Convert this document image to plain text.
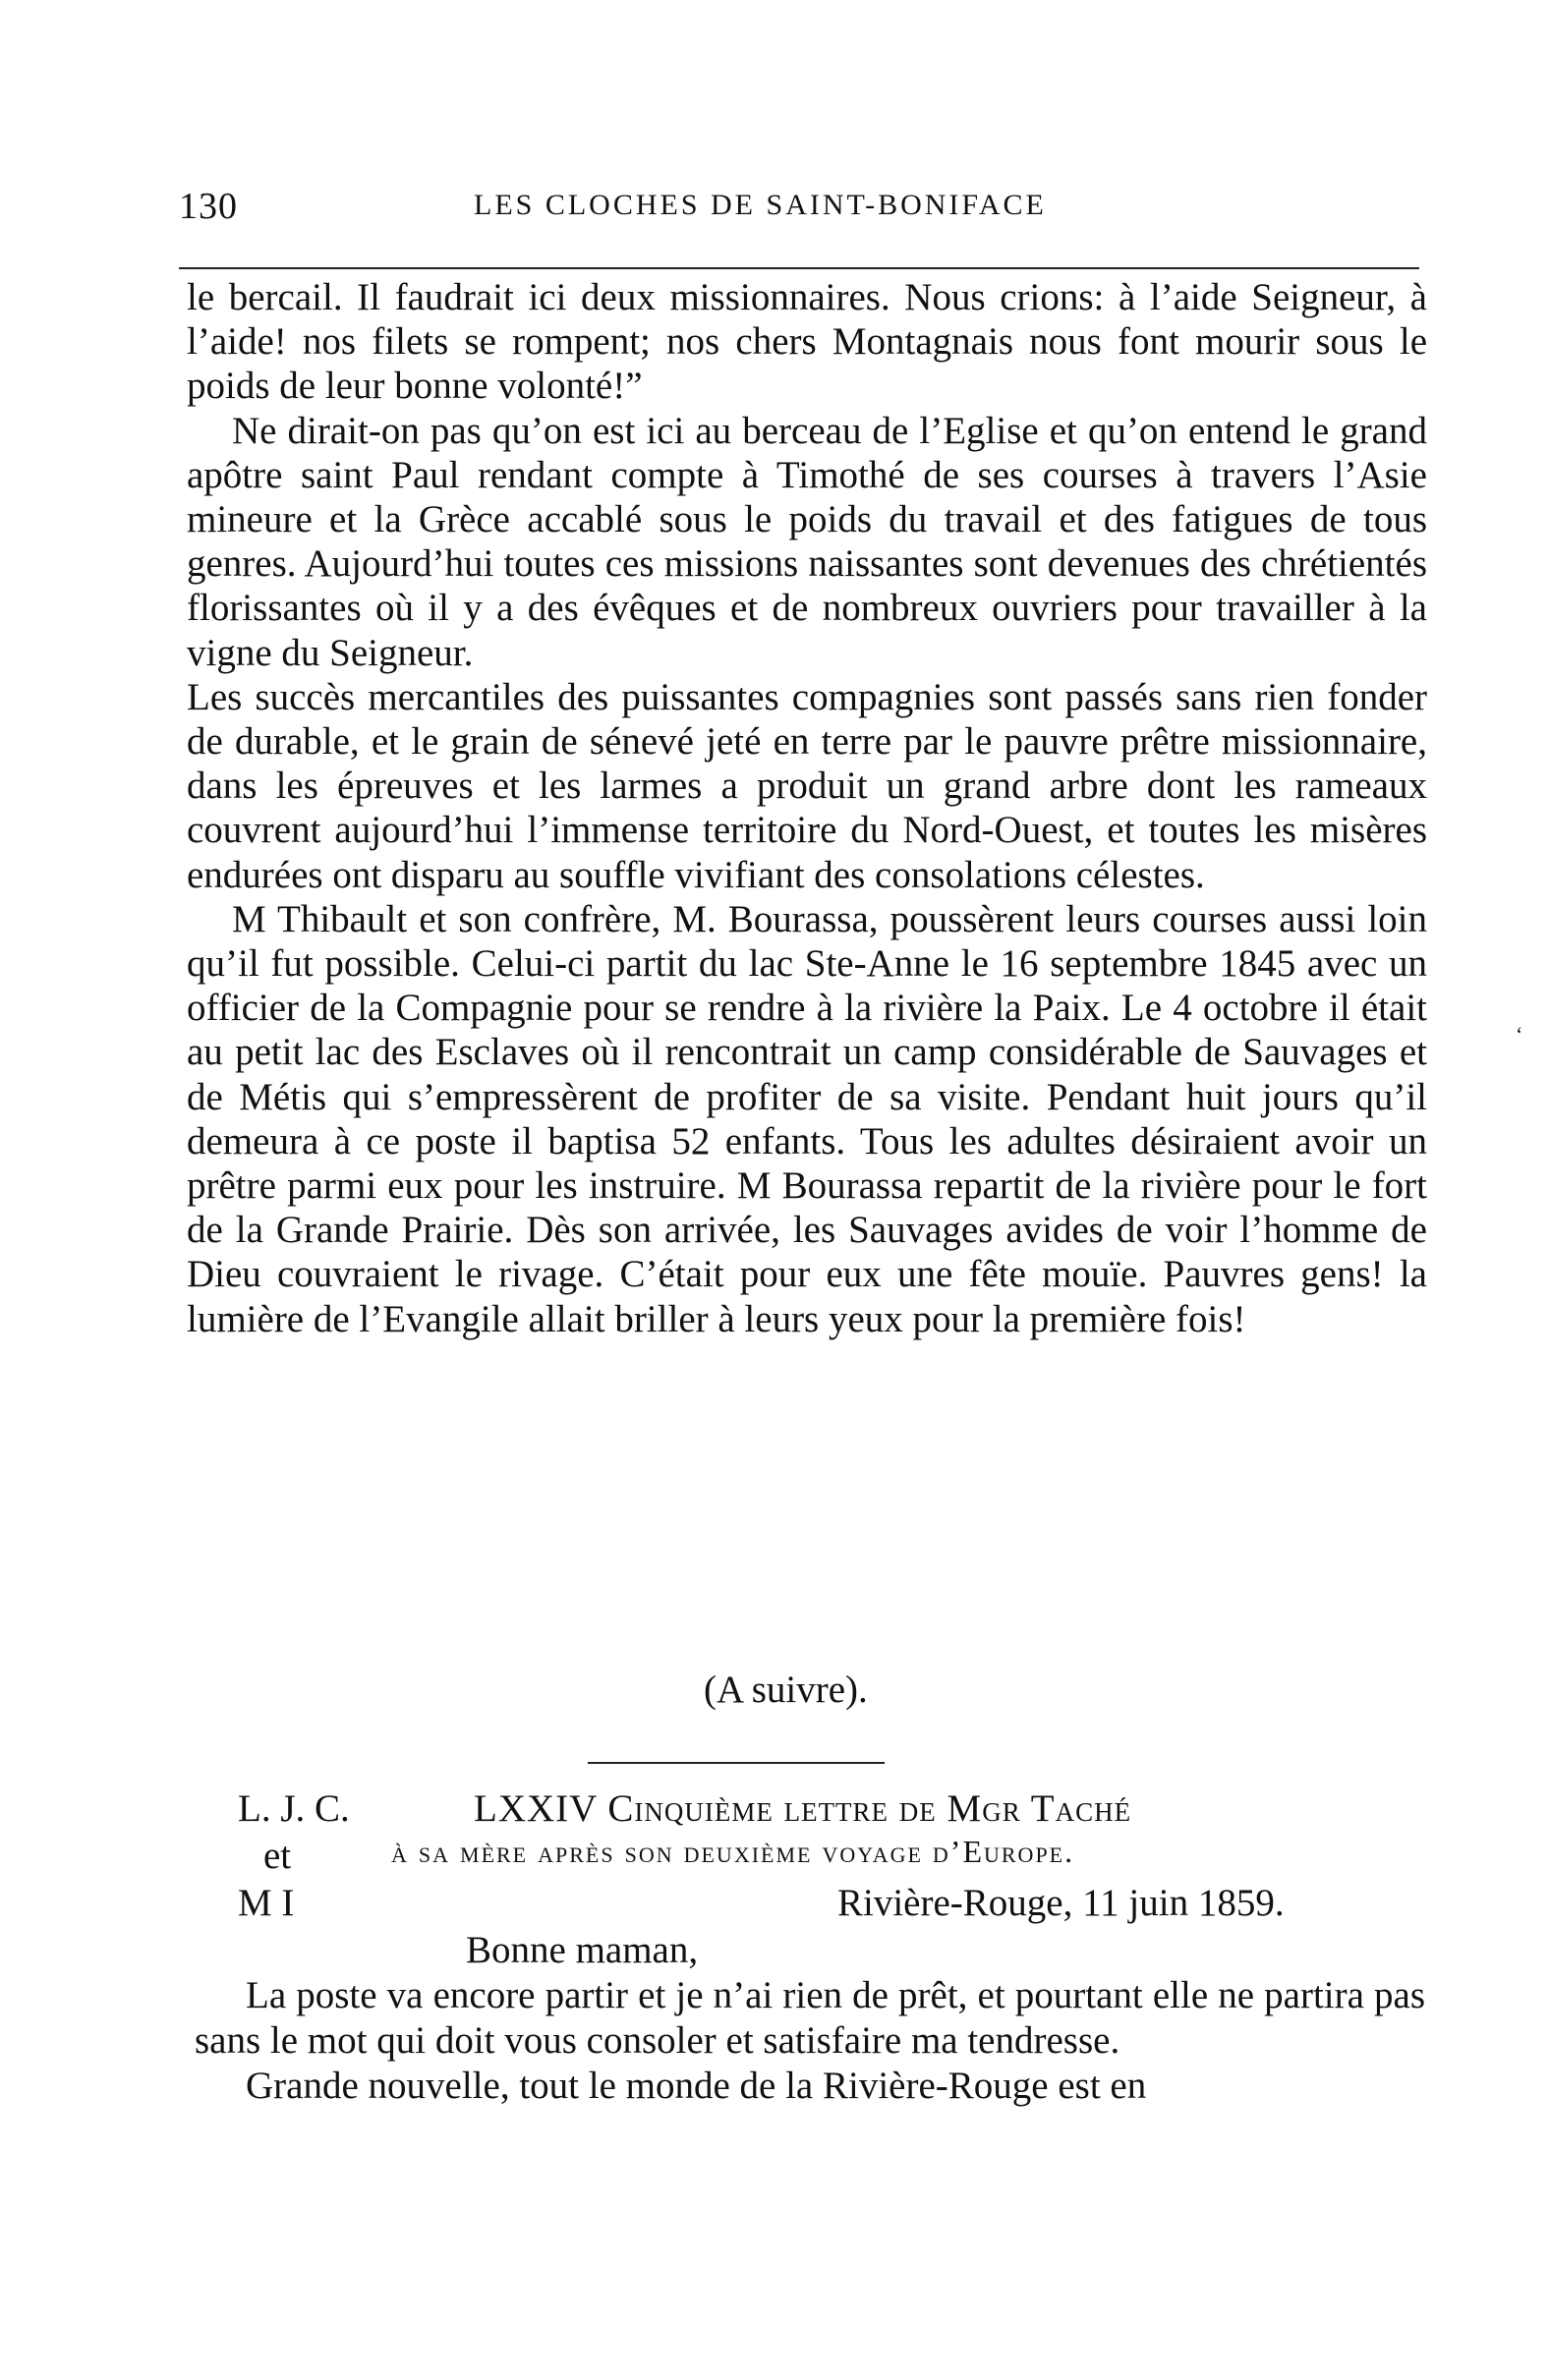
130	LES CLOCHES DE SAINT-BONIFACE

le bercail. Il faudrait ici deux missionnaires. Nous crions: à l’aide Seigneur, à l’aide! nos filets se rompent; nos chers Montagnais nous font mourir sous le poids de leur bonne volonté!”

Ne dirait-on pas qu’on est ici au berceau de l’Eglise et qu’on entend le grand apôtre saint Paul rendant compte à Timothé de ses courses à travers l’Asie mineure et la Grèce accablé sous le poids du travail et des fatigues de tous genres. Aujourd’hui toutes ces missions naissantes sont devenues des chrétientés florissantes où il y a des évêques et de nombreux ouvriers pour travailler à la vigne du Seigneur.

Les succès mercantiles des puissantes compagnies sont passés sans rien fonder de durable, et le grain de sénevé jeté en terre par le pauvre prêtre missionnaire, dans les épreuves et les larmes a produit un grand arbre dont les rameaux couvrent aujourd’hui l’immense territoire du Nord-Ouest, et toutes les misères endurées ont disparu au souffle vivifiant des consolations célestes.

M Thibault et son confrère, M. Bourassa, poussèrent leurs courses aussi loin qu’il fut possible. Celui-ci partit du lac Ste-Anne le 16 septembre 1845 avec un officier de la Compagnie pour se rendre à la rivière la Paix. Le 4 octobre il était au petit lac des Esclaves où il rencontrait un camp considérable de Sauvages et de Métis qui s’empressèrent de profiter de sa visite. Pendant huit jours qu’il demeura à ce poste il baptisa 52 enfants. Tous les adultes désiraient avoir un prêtre parmi eux pour les instruire. M Bourassa repartit de la rivière pour le fort de la Grande Prairie. Dès son arrivée, les Sauvages avides de voir l’homme de Dieu couvraient le rivage. C’était pour eux une fête mouïe. Pauvres gens! la lumière de l’Evangile allait briller à leurs yeux pour la première fois!

(A suivre).
L. J. C.
et
M I
LXXIV Cinquième lettre de Mgr Taché
à sa mère après son deuxième voyage d’Europe.
Rivière-Rouge, 11 juin 1859.
Bonne maman,

La poste va encore partir et je n’ai rien de prêt, et pourtant elle ne partira pas sans le mot qui doit vous consoler et satisfaire ma tendresse.

Grande nouvelle, tout le monde de la Rivière-Rouge est en

‘
